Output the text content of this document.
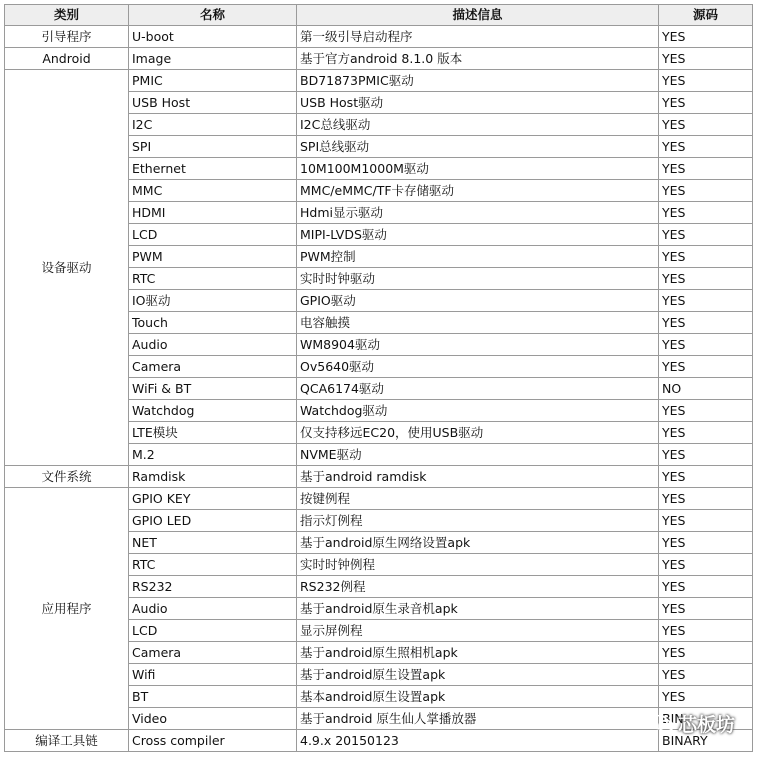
类别	名称	描述信息	源码
引导程序	U-boot	第一级引导启动程序	YES
Android	Image	基于官方android 8.1.0 版本	YES
设备驱动	PMIC	BD71873PMIC驱动	YES
	USB Host	USB Host驱动	YES
	I2C	I2C总线驱动	YES
	SPI	SPI总线驱动	YES
	Ethernet	10M100M1000M驱动	YES
	MMC	MMC/eMMC/TF卡存储驱动	YES
	HDMI	Hdmi显示驱动	YES
	LCD	MIPI-LVDS驱动	YES
	PWM	PWM控制	YES
	RTC	实时时钟驱动	YES
	IO驱动	GPIO驱动	YES
	Touch	电容触摸	YES
	Audio	WM8904驱动	YES
	Camera	Ov5640驱动	YES
	WiFi & BT	QCA6174驱动	NO
	Watchdog	Watchdog驱动	YES
	LTE模块	仅支持移远EC20，使用USB驱动	YES
	M.2	NVME驱动	YES
文件系统	Ramdisk	基于android ramdisk	YES
应用程序	GPIO KEY	按键例程	YES
	GPIO LED	指示灯例程	YES
	NET	基于android原生网络设置apk	YES
	RTC	实时时钟例程	YES
	RS232	RS232例程	YES
	Audio	基于android原生录音机apk	YES
	LCD	显示屏例程	YES
	Camera	基于android原生照相机apk	YES
	Wifi	基于android原生设置apk	YES
	BT	基本android原生设置apk	YES
	Video	基于android 原生仙人掌播放器	BIN
编译工具链	Cross compiler	4.9.x 20150123	BINARY
芯板坊
